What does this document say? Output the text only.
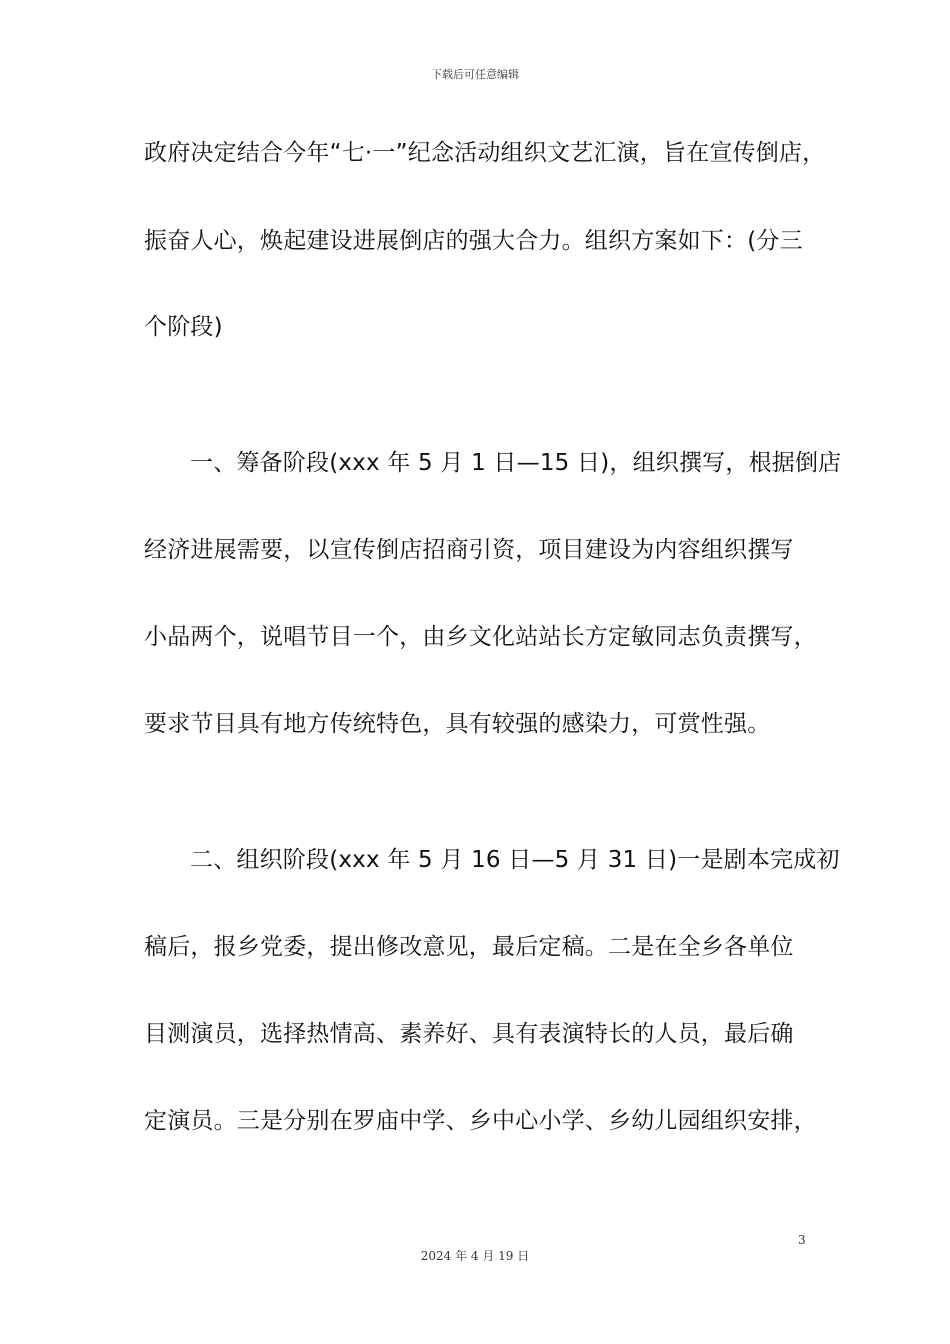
下载后可任意编辑
政府决定结合今年“七·一”纪念活动组织文艺汇演，旨在宣传倒店，
振奋人心，焕起建设进展倒店的强大合力。组织方案如下：(分三
个阶段)
一、筹备阶段(xxx 年 5 月 1 日—15 日)，组织撰写，根据倒店
经济进展需要，以宣传倒店招商引资，项目建设为内容组织撰写
小品两个，说唱节目一个，由乡文化站站长方定敏同志负责撰写，
要求节目具有地方传统特色，具有较强的感染力，可赏性强。
二、组织阶段(xxx 年 5 月 16 日—5 月 31 日)一是剧本完成初
稿后，报乡党委，提出修改意见，最后定稿。二是在全乡各单位
目测演员，选择热情高、素养好、具有表演特长的人员，最后确
定演员。三是分别在罗庙中学、乡中心小学、乡幼儿园组织安排，
3
2024 年 4 月 19 日
